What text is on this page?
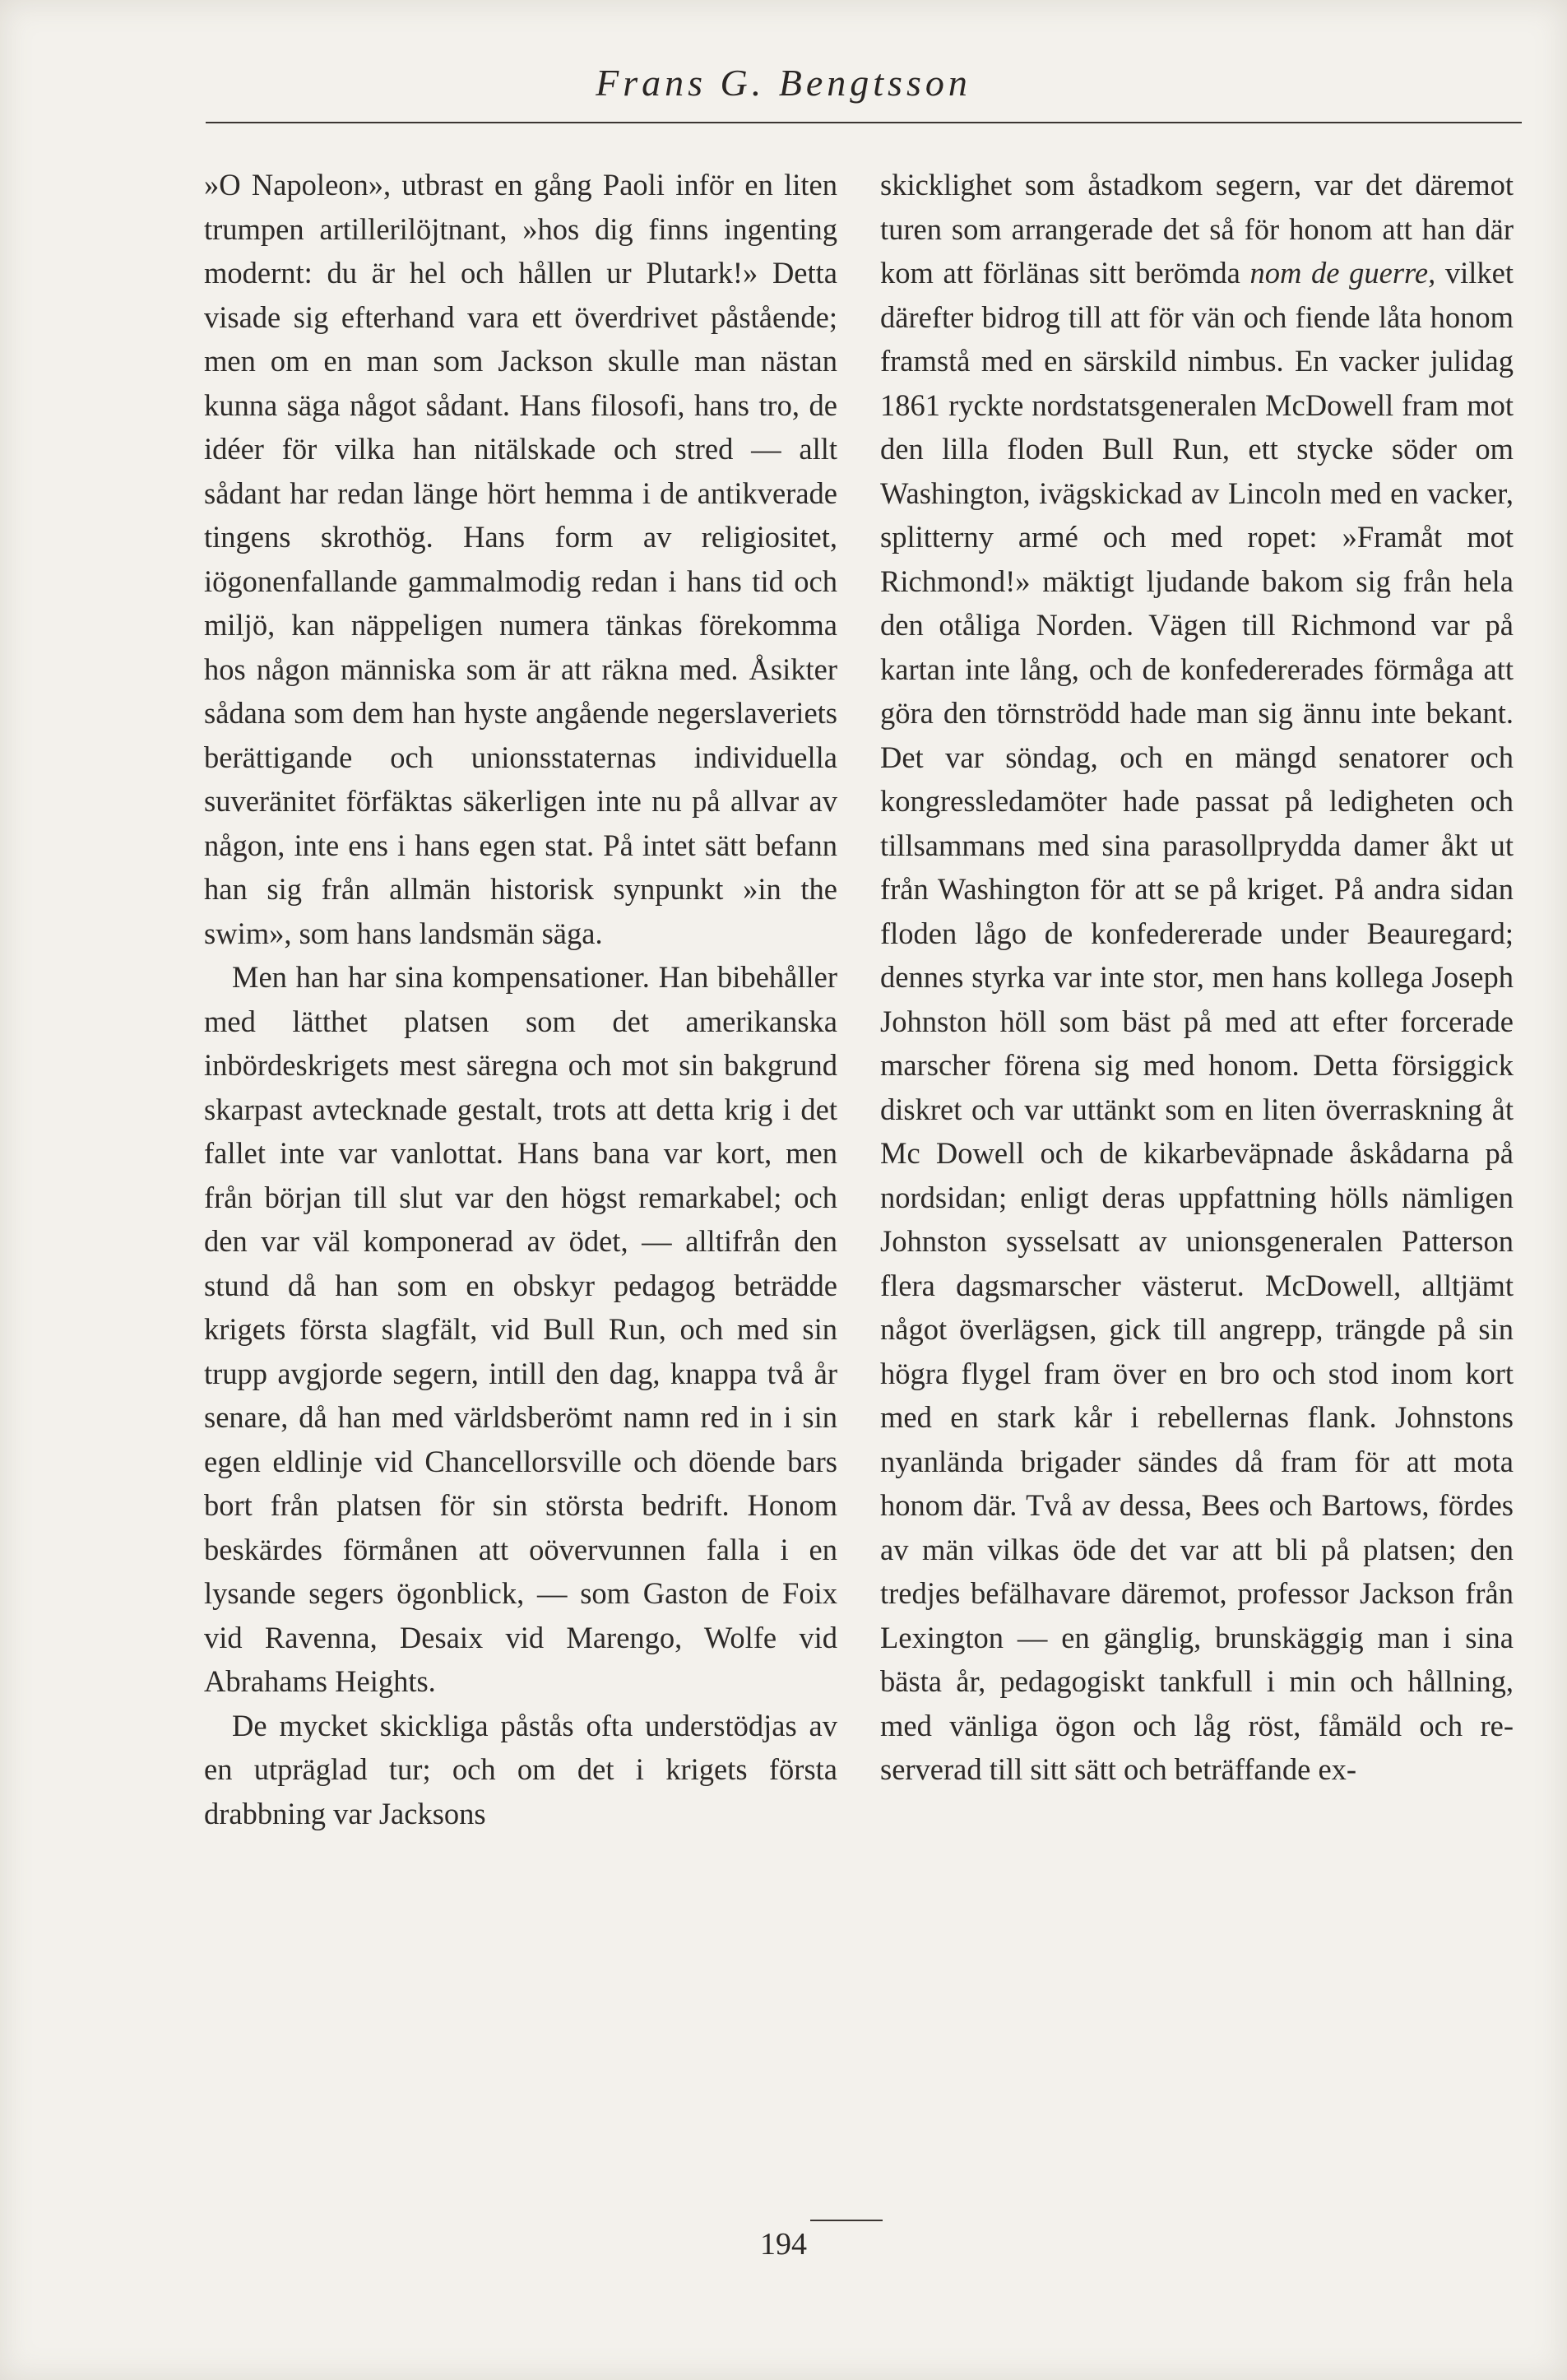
Frans G. Bengtsson

»O Napoleon», utbrast en gång Paoli inför en liten trumpen artillerilöjtnant, »hos dig finns ingenting modernt: du är hel och hållen ur Plutark!» Detta visade sig efterhand vara ett överdrivet påstående; men om en man som Jackson skulle man nästan kunna säga något sådant. Hans filosofi, hans tro, de idéer för vilka han nitälskade och stred — allt sådant har redan länge hört hemma i de antikverade tingens skrothög. Hans form av religiositet, iögonenfallande gammalmodig redan i hans tid och miljö, kan näppeligen numera tänkas förekomma hos någon människa som är att räkna med. Åsikter sådana som dem han hyste angående negerslaveriets berättigande och unionsstaternas individuella suveränitet förfäktas säkerligen inte nu på allvar av någon, inte ens i hans egen stat. På intet sätt befann han sig från allmän historisk synpunkt »in the swim», som hans landsmän säga.

Men han har sina kompensationer. Han bibehåller med lätthet platsen som det amerikanska inbördeskrigets mest säregna och mot sin bakgrund skarpast avtecknade gestalt, trots att detta krig i det fallet inte var vanlottat. Hans bana var kort, men från början till slut var den högst remarkabel; och den var väl komponerad av ödet, — alltifrån den stund då han som en obskyr pedagog beträdde krigets första slagfält, vid Bull Run, och med sin trupp avgjorde segern, intill den dag, knappa två år senare, då han med världsberömt namn red in i sin egen eldlinje vid Chancellorsville och döende bars bort från platsen för sin största bedrift. Honom beskärdes förmånen att oövervunnen falla i en lysande segers ögonblick, — som Gaston de Foix vid Ravenna, Desaix vid Marengo, Wolfe vid Abrahams Heights.

De mycket skickliga påstås ofta understödjas av en utpräglad tur; och om det i krigets första drabbning var Jacksons

skicklighet som åstadkom segern, var det däremot turen som arrangerade det så för honom att han där kom att förlänas sitt berömda nom de guerre, vilket därefter bidrog till att för vän och fiende låta honom framstå med en särskild nimbus. En vacker julidag 1861 ryckte nordstatsgeneralen McDowell fram mot den lilla floden Bull Run, ett stycke söder om Washington, ivägskickad av Lincoln med en vacker, splitterny armé och med ropet: »Framåt mot Richmond!» mäktigt ljudande bakom sig från hela den otåliga Norden. Vägen till Richmond var på kartan inte lång, och de konfedererades förmåga att göra den törnströdd hade man sig ännu inte bekant. Det var söndag, och en mängd senatorer och kongressledamöter hade passat på ledigheten och tillsammans med sina parasollprydda damer åkt ut från Washington för att se på kriget. På andra sidan floden lågo de konfedererade under Beauregard; dennes styrka var inte stor, men hans kollega Joseph Johnston höll som bäst på med att efter forcerade marscher förena sig med honom. Detta försiggick diskret och var uttänkt som en liten överraskning åt Mc Dowell och de kikarbeväpnade åskådarna på nordsidan; enligt deras uppfattning hölls nämligen Johnston sysselsatt av unionsgeneralen Patterson flera dagsmarscher västerut. McDowell, alltjämt något överlägsen, gick till angrepp, trängde på sin högra flygel fram över en bro och stod inom kort med en stark kår i rebellernas flank. Johnstons nyanlända brigader sändes då fram för att mota honom där. Två av dessa, Bees och Bartows, fördes av män vilkas öde det var att bli på platsen; den tredjes befälhavare däremot, professor Jackson från Lexington — en gänglig, brunskäggig man i sina bästa år, pedagogiskt tankfull i min och hållning, med vänliga ögon och låg röst, fåmäld och reserverad till sitt sätt och beträffande ex-

194
